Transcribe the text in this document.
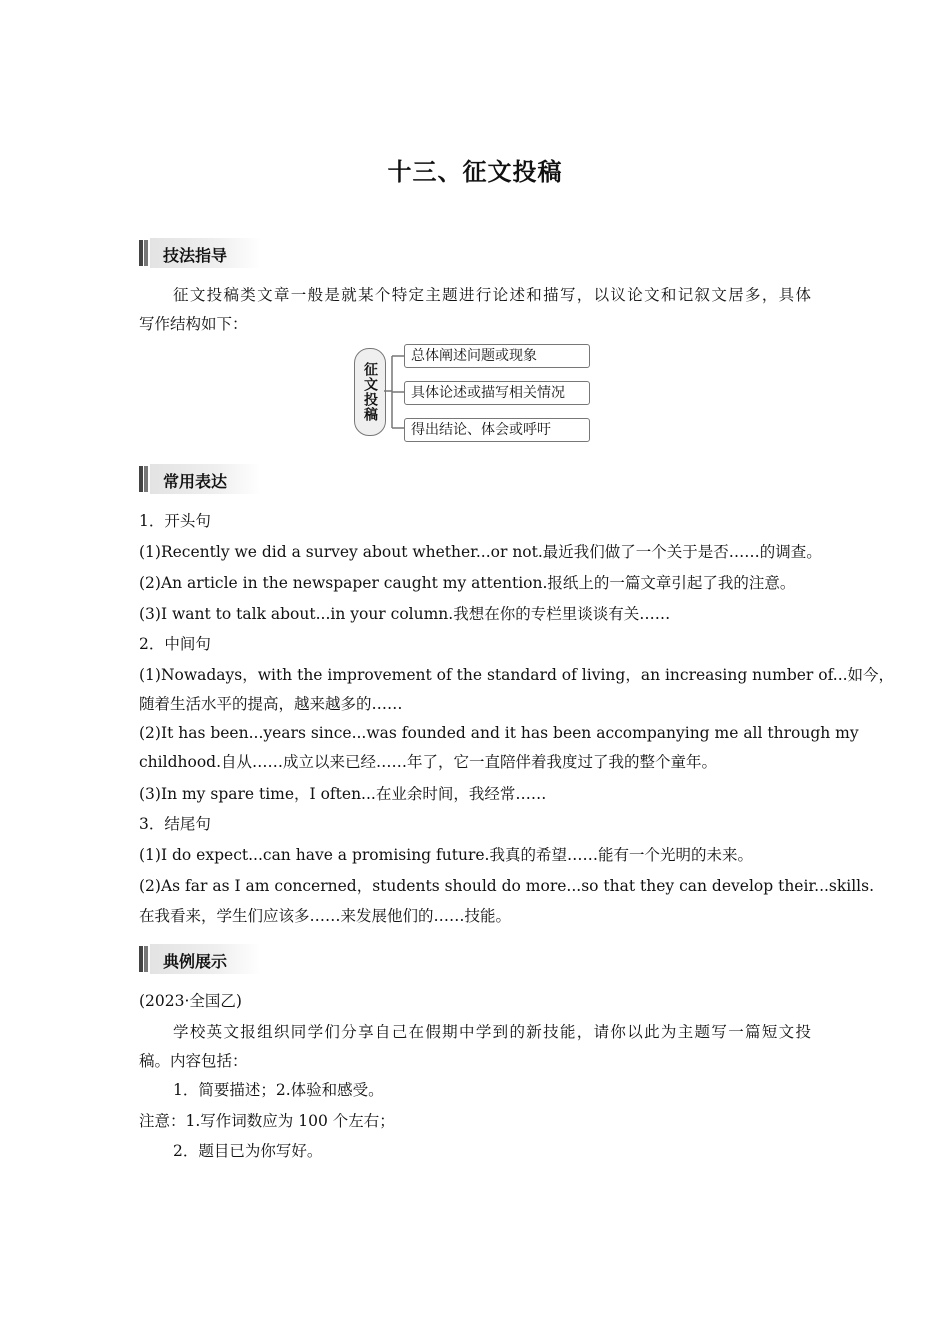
十三、征文投稿
技法指导
征文投稿类文章一般是就某个特定主题进行论述和描写，以议论文和记叙文居多，具体
写作结构如下：
征文投稿
总体阐述问题或现象
具体论述或描写相关情况
得出结论、体会或呼吁
常用表达
1．开头句
(1)Recently we did a survey about whether...or not.最近我们做了一个关于是否……的调查。
(2)An article in the newspaper caught my attention.报纸上的一篇文章引起了我的注意。
(3)I want to talk about...in your column.我想在你的专栏里谈谈有关……
2．中间句
(1)Nowadays，with the improvement of the standard of living，an increasing number of...如今，
随着生活水平的提高，越来越多的……
(2)It has been...years since...was founded and it has been accompanying me all through my
childhood.自从……成立以来已经……年了，它一直陪伴着我度过了我的整个童年。
(3)In my spare time，I often...在业余时间，我经常……
3．结尾句
(1)I do expect...can have a promising future.我真的希望……能有一个光明的未来。
(2)As far as I am concerned，students should do more...so that they can develop their...skills.
在我看来，学生们应该多……来发展他们的……技能。
典例展示
(2023·全国乙)
学校英文报组织同学们分享自己在假期中学到的新技能，请你以此为主题写一篇短文投
稿。内容包括：
1．简要描述；2.体验和感受。
注意：1.写作词数应为 100 个左右；
2．题目已为你写好。
